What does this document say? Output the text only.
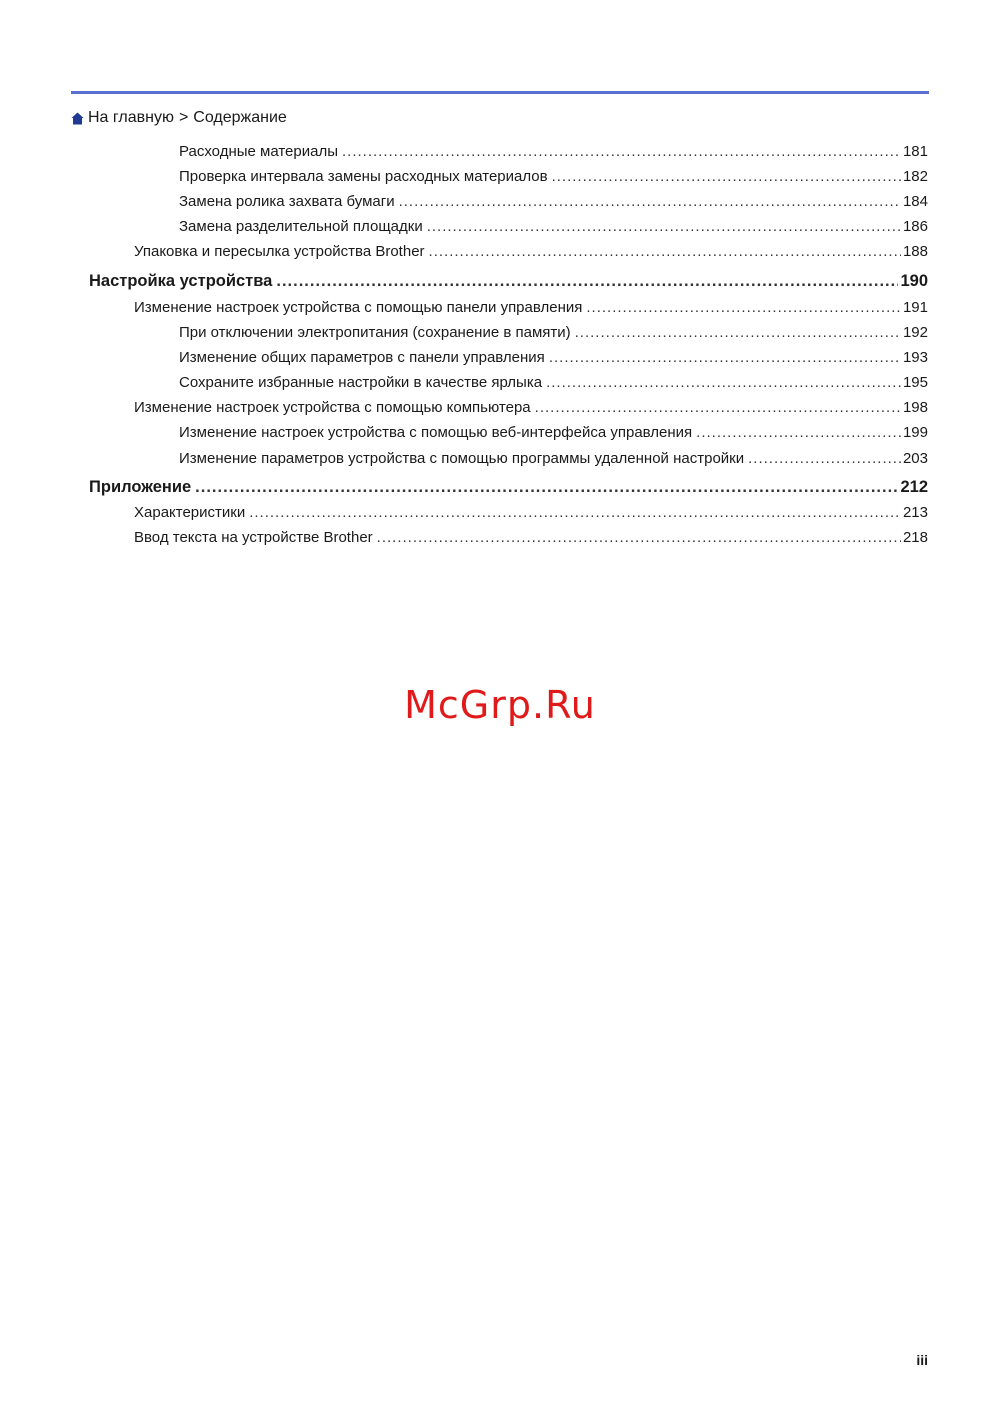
На главную > Содержание
Расходные материалы .....	181
Проверка интервала замены расходных материалов .....	182
Замена ролика захвата бумаги .....	184
Замена разделительной площадки .....	186
Упаковка и пересылка устройства Brother .....	188
Настройка устройства .....	190
Изменение настроек устройства с помощью панели управления .....	191
При отключении электропитания (сохранение в памяти) .....	192
Изменение общих параметров с панели управления .....	193
Сохраните избранные настройки в качестве ярлыка .....	195
Изменение настроек устройства с помощью компьютера .....	198
Изменение настроек устройства с помощью веб-интерфейса управления .....	199
Изменение параметров устройства с помощью программы удаленной настройки .....	203
Приложение .....	212
Характеристики .....	213
Ввод текста на устройстве Brother .....	218
McGrp.Ru
iii
